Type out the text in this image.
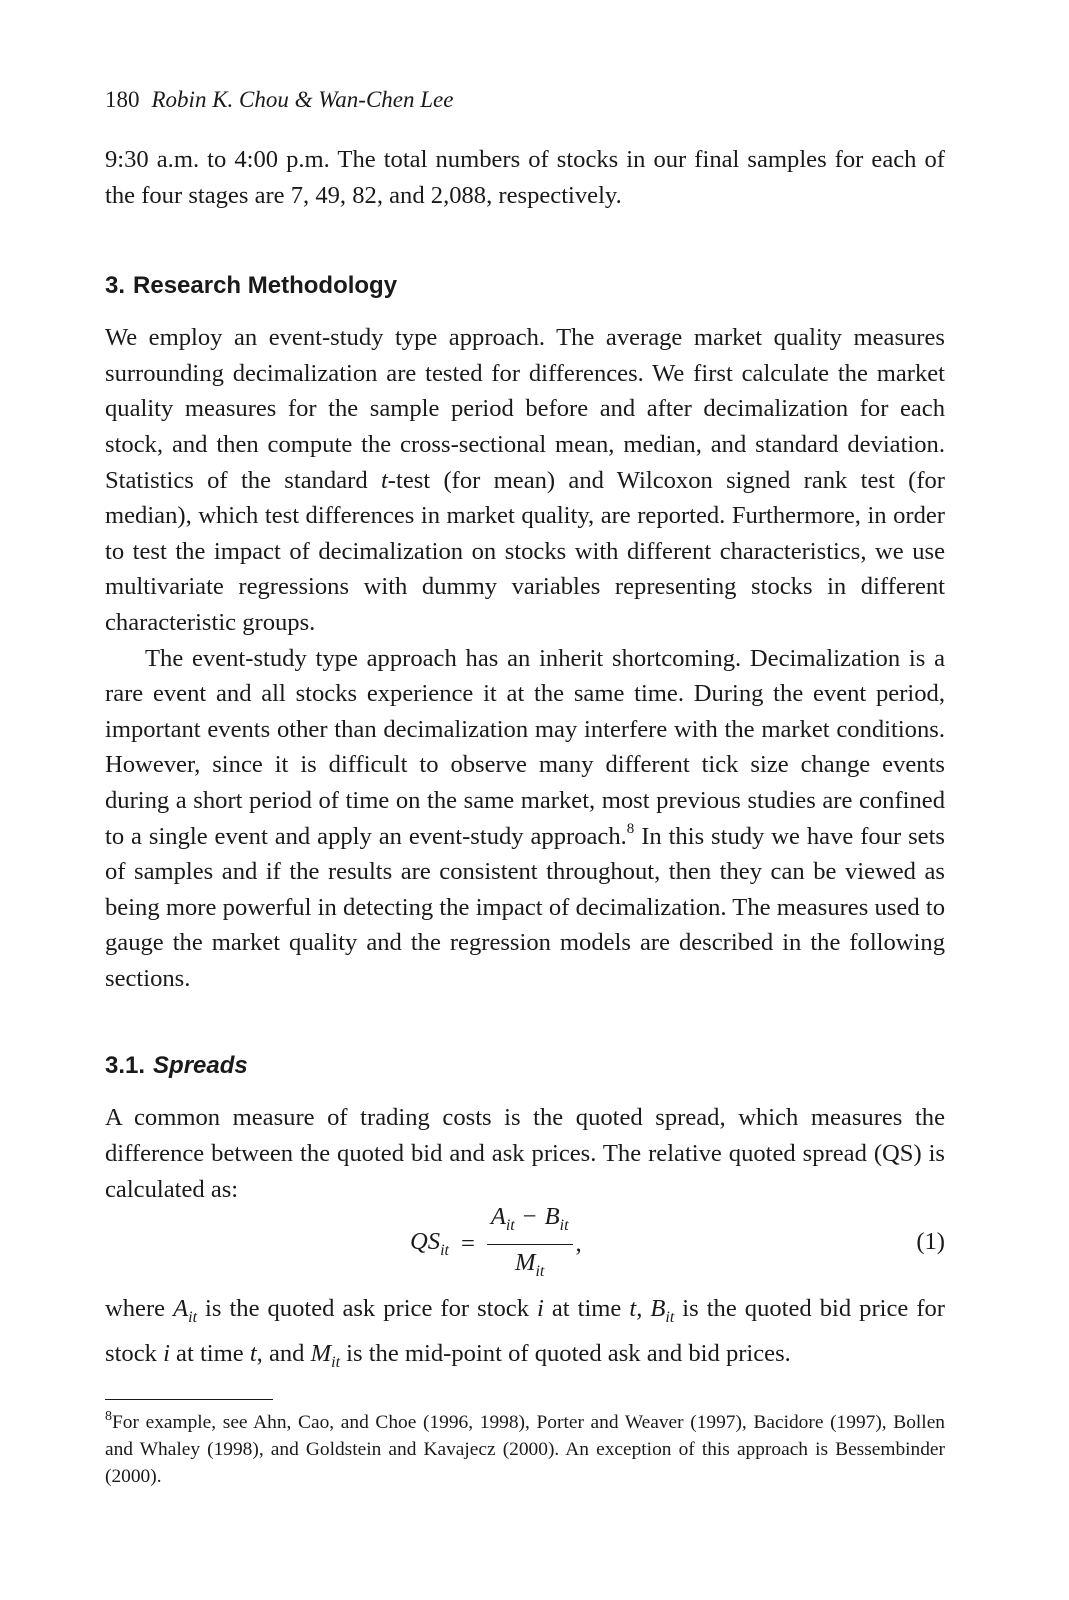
180 Robin K. Chou & Wan-Chen Lee

9:30 a.m. to 4:00 p.m. The total numbers of stocks in our final samples for each of the four stages are 7, 49, 82, and 2,088, respectively.

3. Research Methodology

We employ an event-study type approach. The average market quality measures surrounding decimalization are tested for differences. We first calculate the market quality measures for the sample period before and after decimalization for each stock, and then compute the cross-sectional mean, median, and standard deviation. Statistics of the standard t-test (for mean) and Wilcoxon signed rank test (for median), which test differences in market quality, are reported. Furthermore, in order to test the impact of decimalization on stocks with different characteristics, we use multivariate regressions with dummy variables representing stocks in different characteristic groups.

The event-study type approach has an inherit shortcoming. Decimalization is a rare event and all stocks experience it at the same time. During the event period, important events other than decimalization may interfere with the market conditions. However, since it is difficult to observe many different tick size change events during a short period of time on the same market, most previous studies are confined to a single event and apply an event-study approach.$^8$ In this study we have four sets of samples and if the results are consistent throughout, then they can be viewed as being more powerful in detecting the impact of decimalization. The measures used to gauge the market quality and the regression models are described in the following sections.

3.1. Spreads

A common measure of trading costs is the quoted spread, which measures the difference between the quoted bid and ask prices. The relative quoted spread (QS) is calculated as:

$QS_{it} = \frac{A_{it} - B_{it}}{M_{it}}$ ,	(1)

where $A_{it}$ is the quoted ask price for stock i at time t, $B_{it}$ is the quoted bid price for stock i at time t, and $M_{it}$ is the mid-point of quoted ask and bid prices.

$^8$For example, see Ahn, Cao, and Choe (1996, 1998), Porter and Weaver (1997), Bacidore (1997), Bollen and Whaley (1998), and Goldstein and Kavajecz (2000). An exception of this approach is Bessembinder (2000).
